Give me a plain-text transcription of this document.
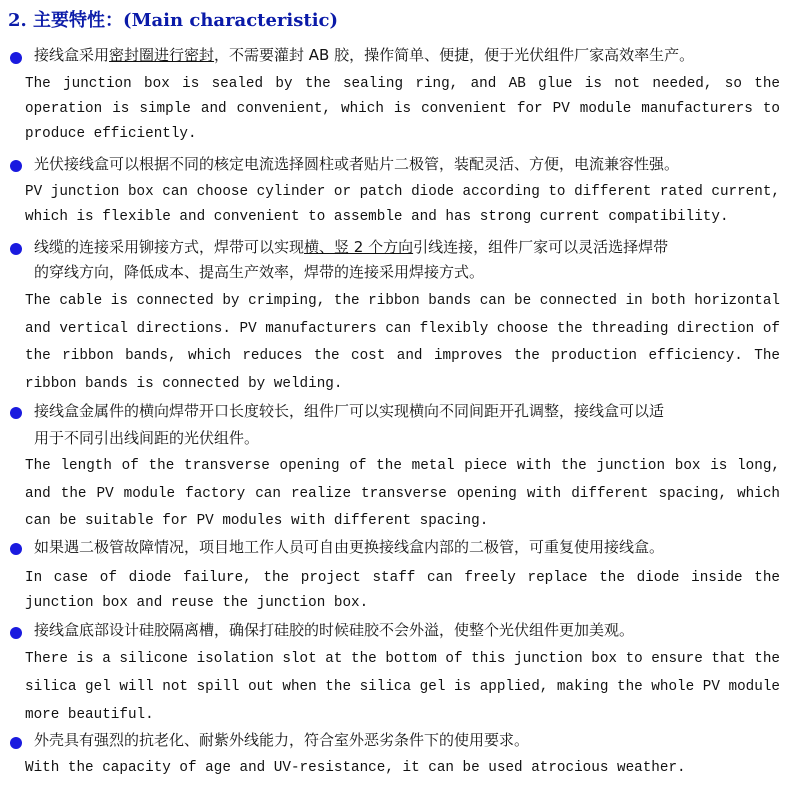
2. 主要特性：(Main characteristic)
接线盒采用密封圈进行密封，不需要灌封 AB 胶，操作简单、便捷，便于光伏组件厂家高效率生产。
The junction box is sealed by the sealing ring, and AB glue is not needed, so the operation is simple and convenient, which is convenient for PV module manufacturers to produce efficiently.
光伏接线盒可以根据不同的核定电流选择圆柱或者贴片二极管，装配灵活、方便，电流兼容性强。
PV junction box can choose cylinder or patch diode according to different rated current, which is flexible and convenient to assemble and has strong current compatibility.
线缆的连接采用铆接方式，焊带可以实现横、竖 2 个方向引线连接，组件厂家可以灵活选择焊带
的穿线方向，降低成本、提高生产效率，焊带的连接采用焊接方式。
The cable is connected by crimping, the ribbon bands can be connected in both horizontal and vertical directions. PV manufacturers can flexibly choose the threading direction of the ribbon bands, which reduces the cost and improves the production efficiency. The ribbon bands is connected by welding.
接线盒金属件的横向焊带开口长度较长，组件厂可以实现横向不同间距开孔调整，接线盒可以适
用于不同引出线间距的光伏组件。
The length of the transverse opening of the metal piece with the junction box is long, and the PV module factory can realize transverse opening with different spacing, which can be suitable for PV modules with different spacing.
如果遇二极管故障情况，项目地工作人员可自由更换接线盒内部的二极管，可重复使用接线盒。
In case of diode failure, the project staff can freely replace the diode inside the junction box and reuse the junction box.
接线盒底部设计硅胶隔离槽，确保打硅胶的时候硅胶不会外溢，使整个光伏组件更加美观。
There is a silicone isolation slot at the bottom of this junction box to ensure that the silica gel will not spill out when the silica gel is applied, making the whole PV module more beautiful.
外壳具有强烈的抗老化、耐紫外线能力，符合室外恶劣条件下的使用要求。
With the capacity of age and UV-resistance, it can be used atrocious weather.
